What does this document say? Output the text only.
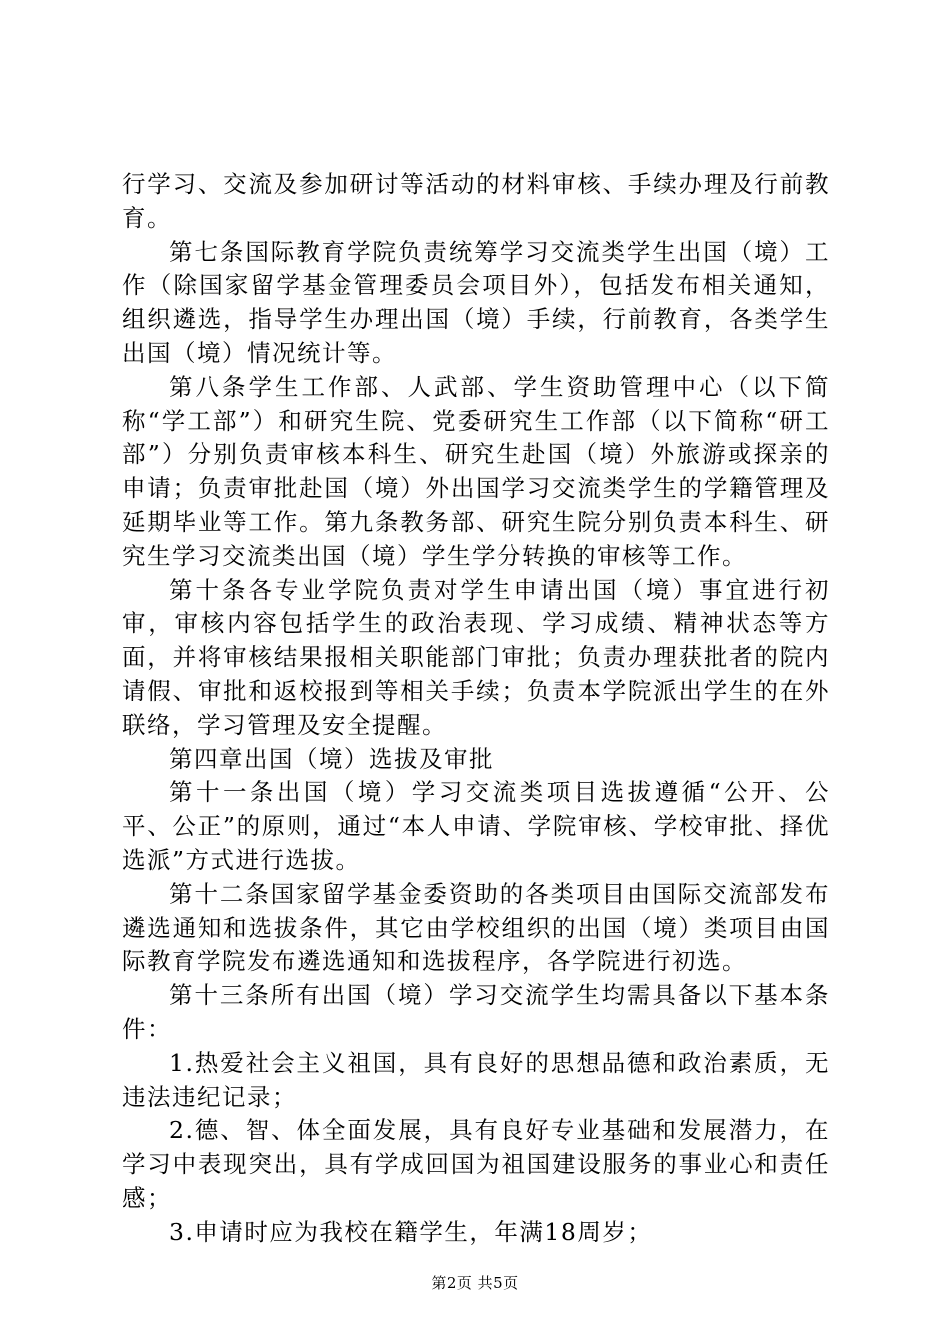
行学习、交流及参加研讨等活动的材料审核、手续办理及行前教育。

第七条国际教育学院负责统筹学习交流类学生出国（境）工作（除国家留学基金管理委员会项目外），包括发布相关通知，组织遴选，指导学生办理出国（境）手续，行前教育，各类学生出国（境）情况统计等。

第八条学生工作部、人武部、学生资助管理中心（以下简称“学工部”）和研究生院、党委研究生工作部（以下简称“研工部”）分别负责审核本科生、研究生赴国（境）外旅游或探亲的申请；负责审批赴国（境）外出国学习交流类学生的学籍管理及延期毕业等工作。第九条教务部、研究生院分别负责本科生、研究生学习交流类出国（境）学生学分转换的审核等工作。

第十条各专业学院负责对学生申请出国（境）事宜进行初审，审核内容包括学生的政治表现、学习成绩、精神状态等方面，并将审核结果报相关职能部门审批；负责办理获批者的院内请假、审批和返校报到等相关手续；负责本学院派出学生的在外联络，学习管理及安全提醒。

第四章出国（境）选拔及审批

第十一条出国（境）学习交流类项目选拔遵循“公开、公平、公正”的原则，通过“本人申请、学院审核、学校审批、择优选派”方式进行选拔。

第十二条国家留学基金委资助的各类项目由国际交流部发布遴选通知和选拔条件，其它由学校组织的出国（境）类项目由国际教育学院发布遴选通知和选拔程序，各学院进行初选。

第十三条所有出国（境）学习交流学生均需具备以下基本条件：

1.热爱社会主义祖国，具有良好的思想品德和政治素质，无违法违纪记录；

2.德、智、体全面发展，具有良好专业基础和发展潜力，在学习中表现突出，具有学成回国为祖国建设服务的事业心和责任感；

3.申请时应为我校在籍学生，年满18周岁；

第2页 共5页
